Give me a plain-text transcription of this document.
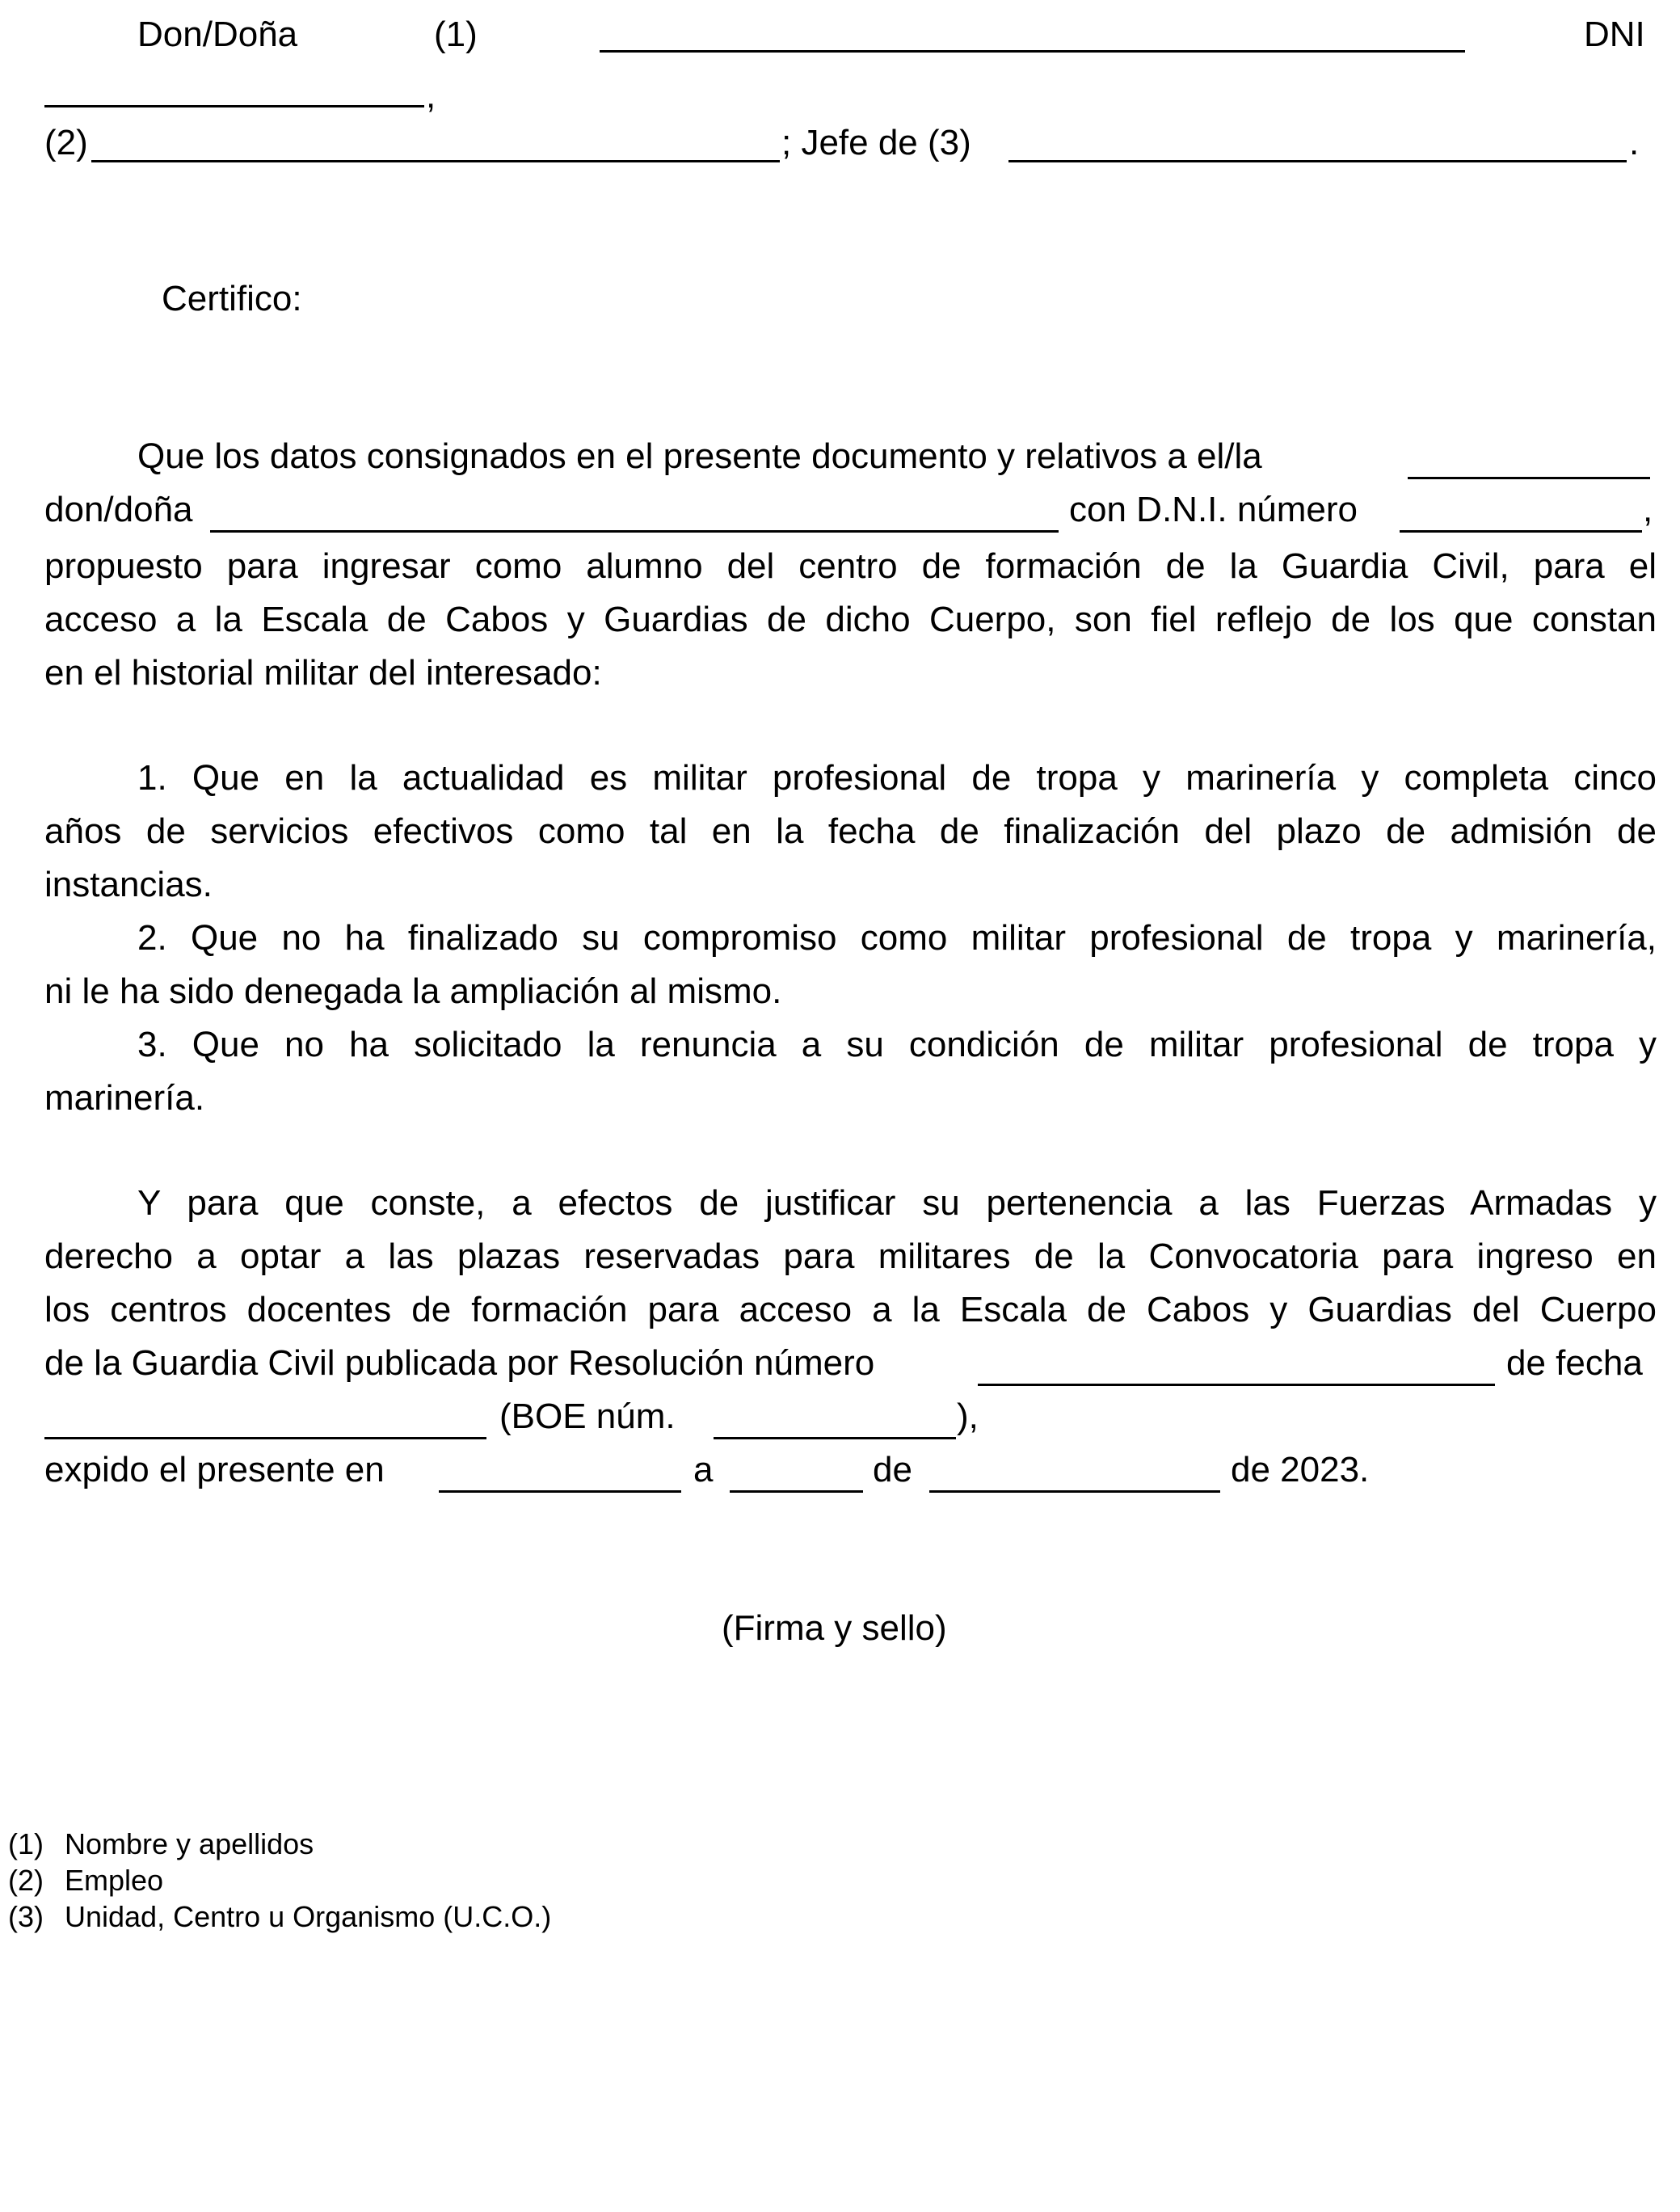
Don/Doña	(1)	DNI
,
(2)	; Jefe de (3)	.
Certifico:
Que los datos consignados en el presente documento y relativos a el/la
don/doña	con D.N.I. número	,
propuesto para ingresar como alumno del centro de formación de la Guardia Civil, para el
acceso a la Escala de Cabos y Guardias de dicho Cuerpo, son fiel reflejo de los que constan
en el historial militar del interesado:
1. Que en la actualidad es militar profesional de tropa y marinería y completa cinco
años de servicios efectivos como tal en la fecha de finalización del plazo de admisión de
instancias.
2. Que no ha finalizado su compromiso como militar profesional de tropa y marinería,
ni le ha sido denegada la ampliación al mismo.
3. Que no ha solicitado la renuncia a su condición de militar profesional de tropa y
marinería.
Y para que conste, a efectos de justificar su pertenencia a las Fuerzas Armadas y
derecho a optar a las plazas reservadas para militares de la Convocatoria para ingreso en
los centros docentes de formación para acceso a la Escala de Cabos y Guardias del Cuerpo
de la Guardia Civil publicada por Resolución número	de fecha
(BOE núm.	),
expido el presente en	a	de	de 2023.
(Firma y sello)
(1) Nombre y apellidos
(2) Empleo
(3) Unidad, Centro u Organismo (U.C.O.)
